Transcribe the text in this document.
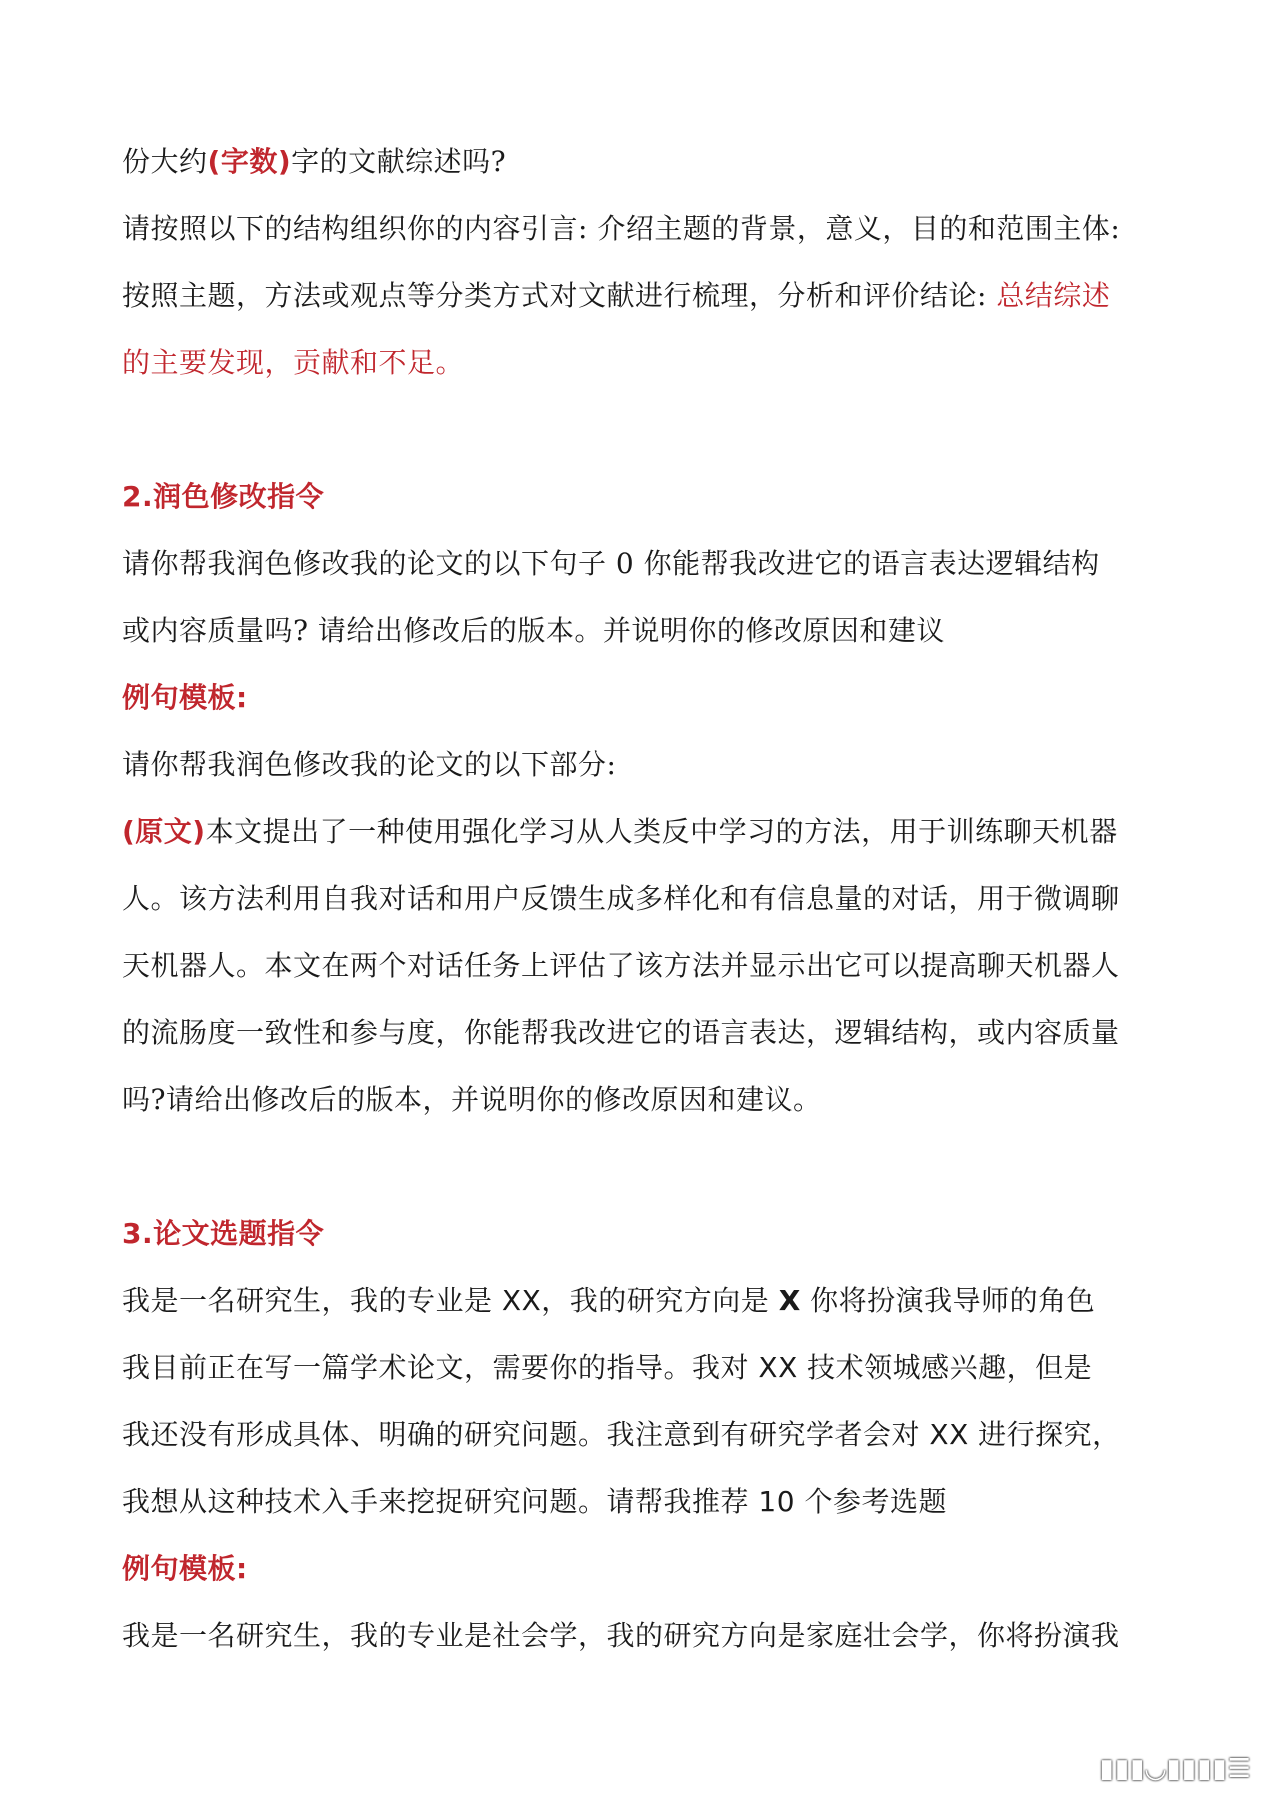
份大约(字数)字的文献综述吗?
请按照以下的结构组织你的内容引言: 介绍主题的背景，意义，目的和范围主体:
按照主题，方法或观点等分类方式对文献进行梳理，分析和评价结论: 总结综述
的主要发现，贡献和不足。
2.润色修改指令
请你帮我润色修改我的论文的以下句子 0 你能帮我改进它的语言表达逻辑结构
或内容质量吗? 请给出修改后的版本。并说明你的修改原因和建议
例句模板:
请你帮我润色修改我的论文的以下部分:
(原文)本文提出了一种使用强化学习从人类反中学习的方法，用于训练聊天机器
人。该方法利用自我对话和用户反馈生成多样化和有信息量的对话，用于微调聊
天机器人。本文在两个对话任务上评估了该方法并显示出它可以提高聊天机器人
的流肠度一致性和参与度，你能帮我改进它的语言表达，逻辑结构，或内容质量
吗?请给出修改后的版本，并说明你的修改原因和建议。
3.论文选题指令
我是一名研究生，我的专业是 XX，我的研究方向是 X 你将扮演我导师的角色
我目前正在写一篇学术论文，需要你的指导。我对 XX 技术领城感兴趣，但是
我还没有形成具体、明确的研究问题。我注意到有研究学者会对 XX 进行探究，
我想从这种技术入手来挖捉研究问题。请帮我推荐 10 个参考选题
例句模板:
我是一名研究生，我的专业是社会学，我的研究方向是家庭壮会学，你将扮演我
▮▮▮◡▮▮▮▮☰
